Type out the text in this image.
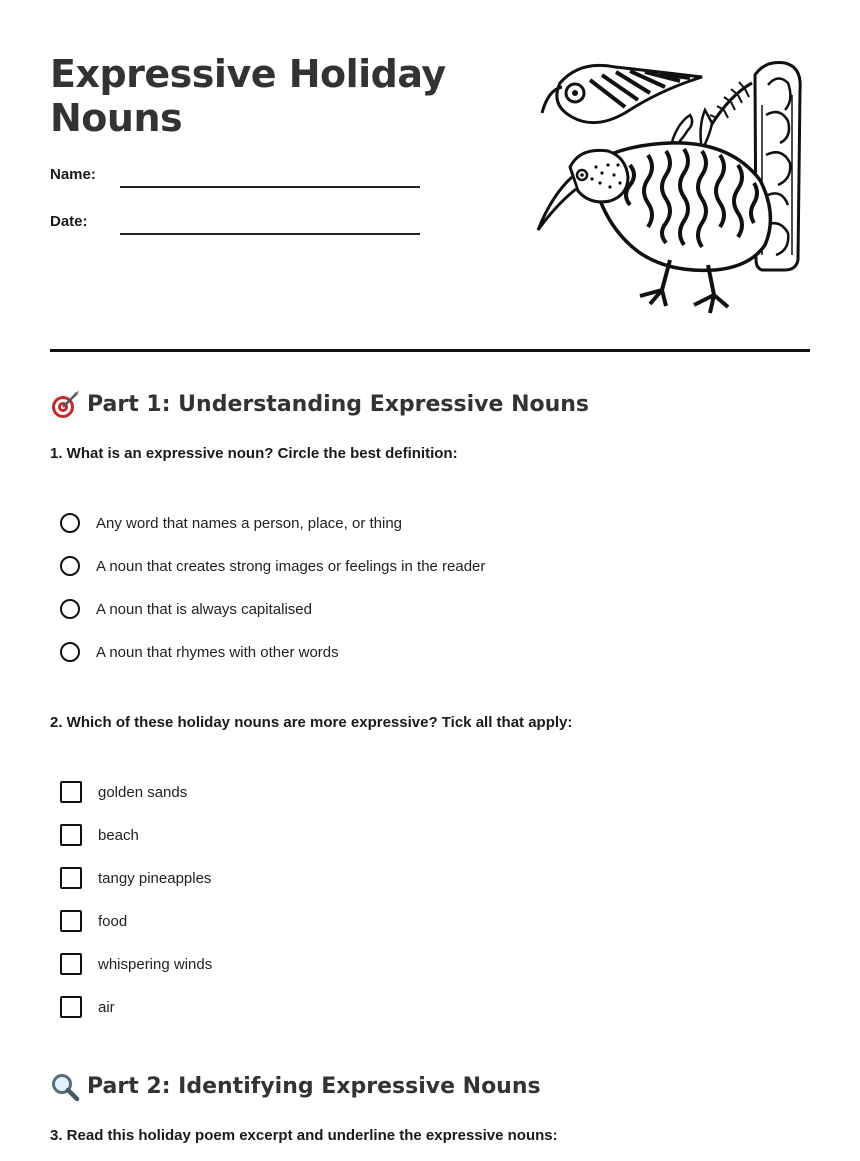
Expressive Holiday Nouns
Name:
Date:
Part 1: Understanding Expressive Nouns

1. What is an expressive noun? Circle the best definition:

Any word that names a person, place, or thing
A noun that creates strong images or feelings in the reader
A noun that is always capitalised
A noun that rhymes with other words

2. Which of these holiday nouns are more expressive? Tick all that apply:

golden sands
beach
tangy pineapples
food
whispering winds
air
Part 2: Identifying Expressive Nouns

3. Read this holiday poem excerpt and underline the expressive nouns:
